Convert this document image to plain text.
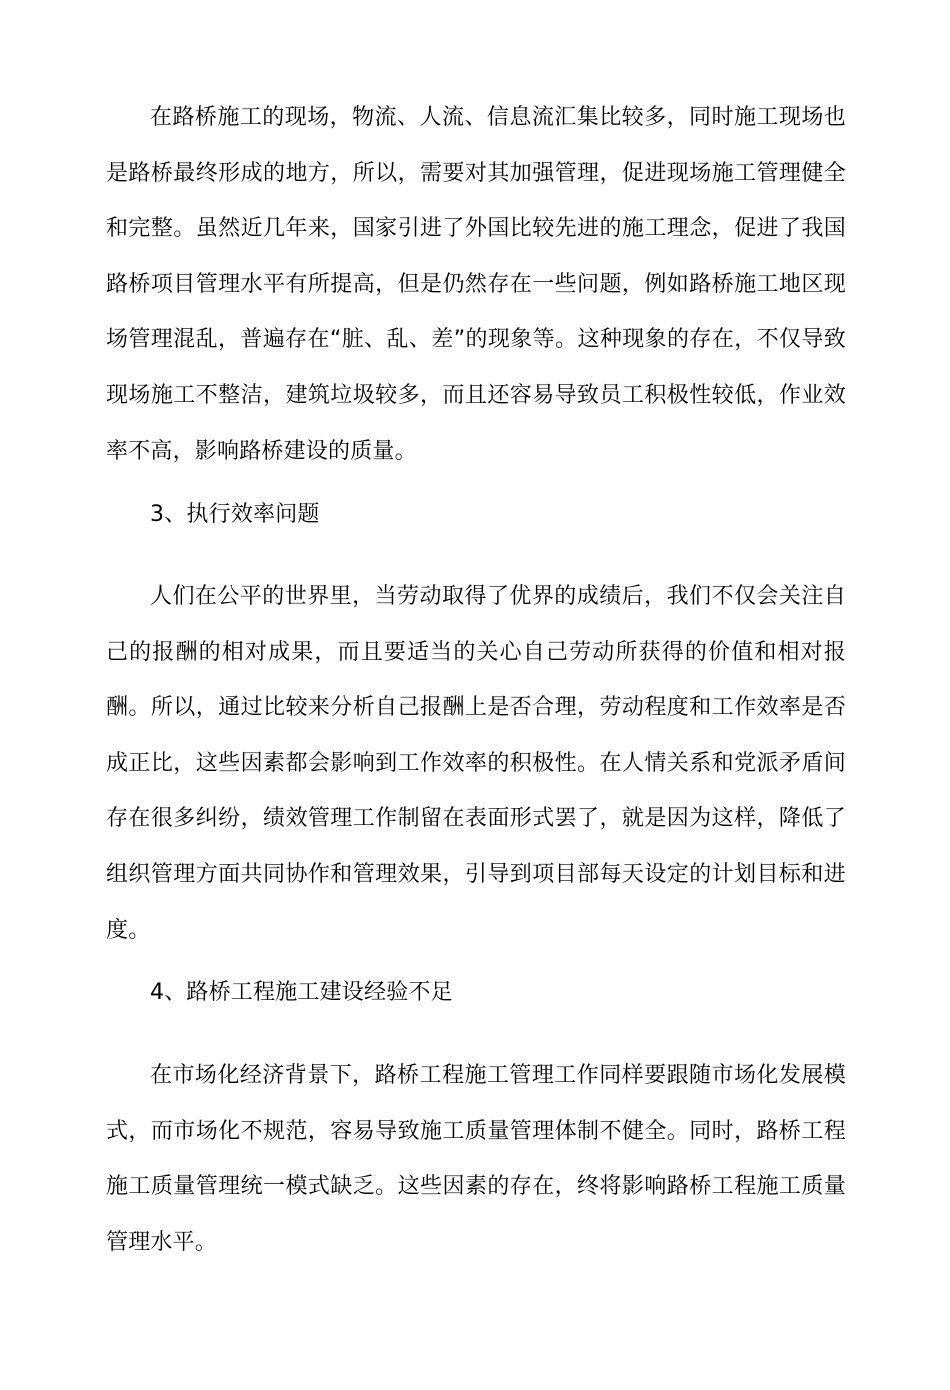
在路桥施工的现场，物流、人流、信息流汇集比较多，同时施工现场也是路桥最终形成的地方，所以，需要对其加强管理，促进现场施工管理健全和完整。虽然近几年来，国家引进了外国比较先进的施工理念，促进了我国路桥项目管理水平有所提高，但是仍然存在一些问题，例如路桥施工地区现场管理混乱，普遍存在“脏、乱、差”的现象等。这种现象的存在，不仅导致现场施工不整洁，建筑垃圾较多，而且还容易导致员工积极性较低，作业效率不高，影响路桥建设的质量。

3、执行效率问题

人们在公平的世界里，当劳动取得了优界的成绩后，我们不仅会关注自己的报酬的相对成果，而且要适当的关心自己劳动所获得的价值和相对报酬。所以，通过比较来分析自己报酬上是否合理，劳动程度和工作效率是否成正比，这些因素都会影响到工作效率的积极性。在人情关系和党派矛盾间存在很多纠纷，绩效管理工作制留在表面形式罢了，就是因为这样，降低了组织管理方面共同协作和管理效果，引导到项目部每天设定的计划目标和进度。

4、路桥工程施工建设经验不足

在市场化经济背景下，路桥工程施工管理工作同样要跟随市场化发展模式，而市场化不规范，容易导致施工质量管理体制不健全。同时，路桥工程施工质量管理统一模式缺乏。这些因素的存在，终将影响路桥工程施工质量管理水平。
